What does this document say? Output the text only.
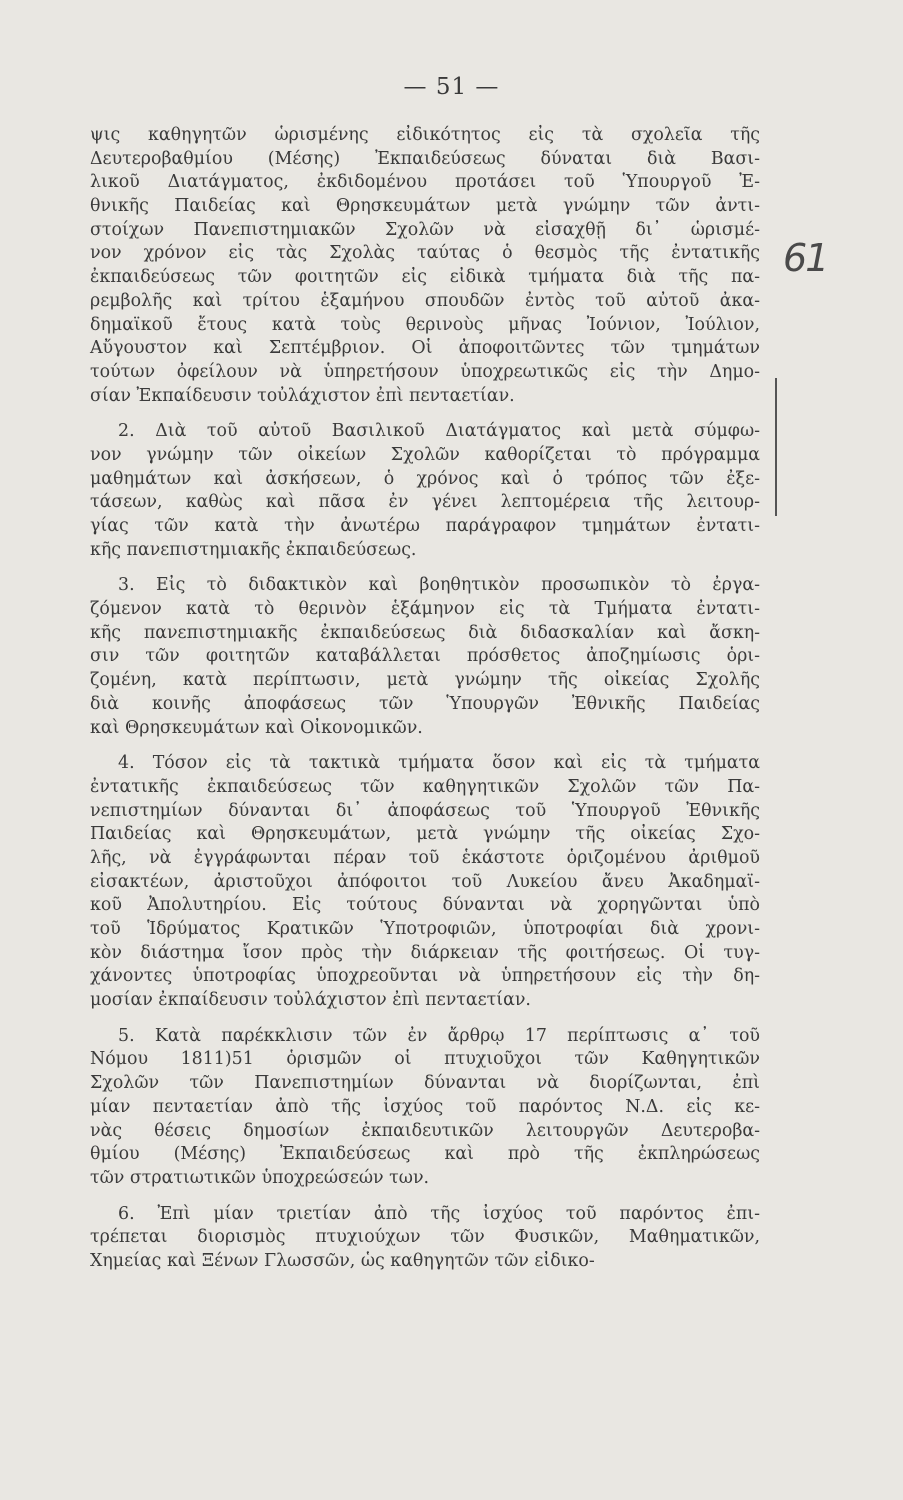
— 51 —
61
ψις καθηγητῶν ὡρισμένης εἰδικότητος εἰς τὰ σχολεῖα τῆς
Δευτεροβαθμίου (Μέσης) Ἐκπαιδεύσεως δύναται διὰ Βασι-
λικοῦ Διατάγματος, ἐκδιδομένου προτάσει τοῦ Ὑπουργοῦ Ἐ-
θνικῆς Παιδείας καὶ Θρησκευμάτων μετὰ γνώμην τῶν ἀντι-
στοίχων Πανεπιστημιακῶν Σχολῶν νὰ εἰσαχθῇ δι᾽ ὡρισμέ-
νον χρόνον εἰς τὰς Σχολὰς ταύτας ὁ θεσμὸς τῆς ἐντατικῆς
ἐκπαιδεύσεως τῶν φοιτητῶν εἰς εἰδικὰ τμήματα διὰ τῆς πα-
ρεμβολῆς καὶ τρίτου ἑξαμήνου σπουδῶν ἐντὸς τοῦ αὐτοῦ ἀκα-
δημαϊκοῦ ἔτους κατὰ τοὺς θερινοὺς μῆνας Ἰούνιον, Ἰούλιον,
Αὔγουστον καὶ Σεπτέμβριον. Οἱ ἀποφοιτῶντες τῶν τμημάτων
τούτων ὀφείλουν νὰ ὑπηρετήσουν ὑποχρεωτικῶς εἰς τὴν Δημο-
σίαν Ἐκπαίδευσιν τοὐλάχιστον ἐπὶ πενταετίαν.
2. Διὰ τοῦ αὐτοῦ Βασιλικοῦ Διατάγματος καὶ μετὰ σύμφω-
νον γνώμην τῶν οἰκείων Σχολῶν καθορίζεται τὸ πρόγραμμα
μαθημάτων καὶ ἀσκήσεων, ὁ χρόνος καὶ ὁ τρόπος τῶν ἐξε-
τάσεων, καθὼς καὶ πᾶσα ἐν γένει λεπτομέρεια τῆς λειτουρ-
γίας τῶν κατὰ τὴν ἀνωτέρω παράγραφον τμημάτων ἐντατι-
κῆς πανεπιστημιακῆς ἐκπαιδεύσεως.
3. Εἰς τὸ διδακτικὸν καὶ βοηθητικὸν προσωπικὸν τὸ ἐργα-
ζόμενον κατὰ τὸ θερινὸν ἑξάμηνον εἰς τὰ Τμήματα ἐντατι-
κῆς πανεπιστημιακῆς ἐκπαιδεύσεως διὰ διδασκαλίαν καὶ ἄσκη-
σιν τῶν φοιτητῶν καταβάλλεται πρόσθετος ἀποζημίωσις ὁρι-
ζομένη, κατὰ περίπτωσιν, μετὰ γνώμην τῆς οἰκείας Σχολῆς
διὰ κοινῆς ἀποφάσεως τῶν Ὑπουργῶν Ἐθνικῆς Παιδείας
καὶ Θρησκευμάτων καὶ Οἰκονομικῶν.
4. Τόσον εἰς τὰ τακτικὰ τμήματα ὅσον καὶ εἰς τὰ τμήματα
ἐντατικῆς ἐκπαιδεύσεως τῶν καθηγητικῶν Σχολῶν τῶν Πα-
νεπιστημίων δύνανται δι᾽ ἀποφάσεως τοῦ Ὑπουργοῦ Ἐθνικῆς
Παιδείας καὶ Θρησκευμάτων, μετὰ γνώμην τῆς οἰκείας Σχο-
λῆς, νὰ ἐγγράφωνται πέραν τοῦ ἑκάστοτε ὁριζομένου ἀριθμοῦ
εἰσακτέων, ἀριστοῦχοι ἀπόφοιτοι τοῦ Λυκείου ἄνευ Ἀκαδημαϊ-
κοῦ Ἀπολυτηρίου. Εἰς τούτους δύνανται νὰ χορηγῶνται ὑπὸ
τοῦ Ἱδρύματος Κρατικῶν Ὑποτροφιῶν, ὑποτροφίαι διὰ χρονι-
κὸν διάστημα ἴσον πρὸς τὴν διάρκειαν τῆς φοιτήσεως. Οἱ τυγ-
χάνοντες ὑποτροφίας ὑποχρεοῦνται νὰ ὑπηρετήσουν εἰς τὴν δη-
μοσίαν ἐκπαίδευσιν τοὐλάχιστον ἐπὶ πενταετίαν.
5. Κατὰ παρέκκλισιν τῶν ἐν ἄρθρῳ 17 περίπτωσις α᾽ τοῦ
Νόμου 1811)51 ὁρισμῶν οἱ πτυχιοῦχοι τῶν Καθηγητικῶν
Σχολῶν τῶν Πανεπιστημίων δύνανται νὰ διορίζωνται, ἐπὶ
μίαν πενταετίαν ἀπὸ τῆς ἰσχύος τοῦ παρόντος Ν.Δ. εἰς κε-
νὰς θέσεις δημοσίων ἐκπαιδευτικῶν λειτουργῶν Δευτεροβα-
θμίου (Μέσης) Ἐκπαιδεύσεως καὶ πρὸ τῆς ἐκπληρώσεως
τῶν στρατιωτικῶν ὑποχρεώσεών των.
6. Ἐπὶ μίαν τριετίαν ἀπὸ τῆς ἰσχύος τοῦ παρόντος ἐπι-
τρέπεται διορισμὸς πτυχιούχων τῶν Φυσικῶν, Μαθηματικῶν,
Χημείας καὶ Ξένων Γλωσσῶν, ὡς καθηγητῶν τῶν εἰδικο-
